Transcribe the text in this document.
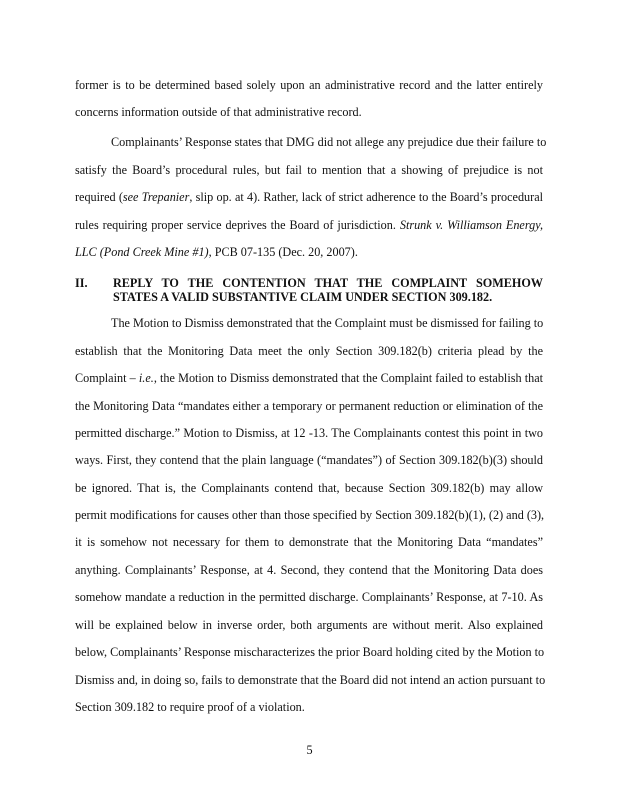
former is to be determined based solely upon an administrative record and the latter entirely
concerns information outside of that administrative record.
Complainants’ Response states that DMG did not allege any prejudice due their failure to
satisfy the Board’s procedural rules, but fail to mention that a showing of prejudice is not
required (see Trepanier, slip op. at 4). Rather, lack of strict adherence to the Board’s procedural
rules requiring proper service deprives the Board of jurisdiction. Strunk v. Williamson Energy,
LLC (Pond Creek Mine #1), PCB 07-135 (Dec. 20, 2007).
II. REPLY TO THE CONTENTION THAT THE COMPLAINT SOMEHOW
STATES A VALID SUBSTANTIVE CLAIM UNDER SECTION 309.182.
The Motion to Dismiss demonstrated that the Complaint must be dismissed for failing to
establish that the Monitoring Data meet the only Section 309.182(b) criteria plead by the
Complaint – i.e., the Motion to Dismiss demonstrated that the Complaint failed to establish that
the Monitoring Data “mandates either a temporary or permanent reduction or elimination of the
permitted discharge.” Motion to Dismiss, at 12 -13. The Complainants contest this point in two
ways. First, they contend that the plain language (“mandates”) of Section 309.182(b)(3) should
be ignored. That is, the Complainants contend that, because Section 309.182(b) may allow
permit modifications for causes other than those specified by Section 309.182(b)(1), (2) and (3),
it is somehow not necessary for them to demonstrate that the Monitoring Data “mandates”
anything. Complainants’ Response, at 4. Second, they contend that the Monitoring Data does
somehow mandate a reduction in the permitted discharge. Complainants’ Response, at 7-10. As
will be explained below in inverse order, both arguments are without merit. Also explained
below, Complainants’ Response mischaracterizes the prior Board holding cited by the Motion to
Dismiss and, in doing so, fails to demonstrate that the Board did not intend an action pursuant to
Section 309.182 to require proof of a violation.
5
